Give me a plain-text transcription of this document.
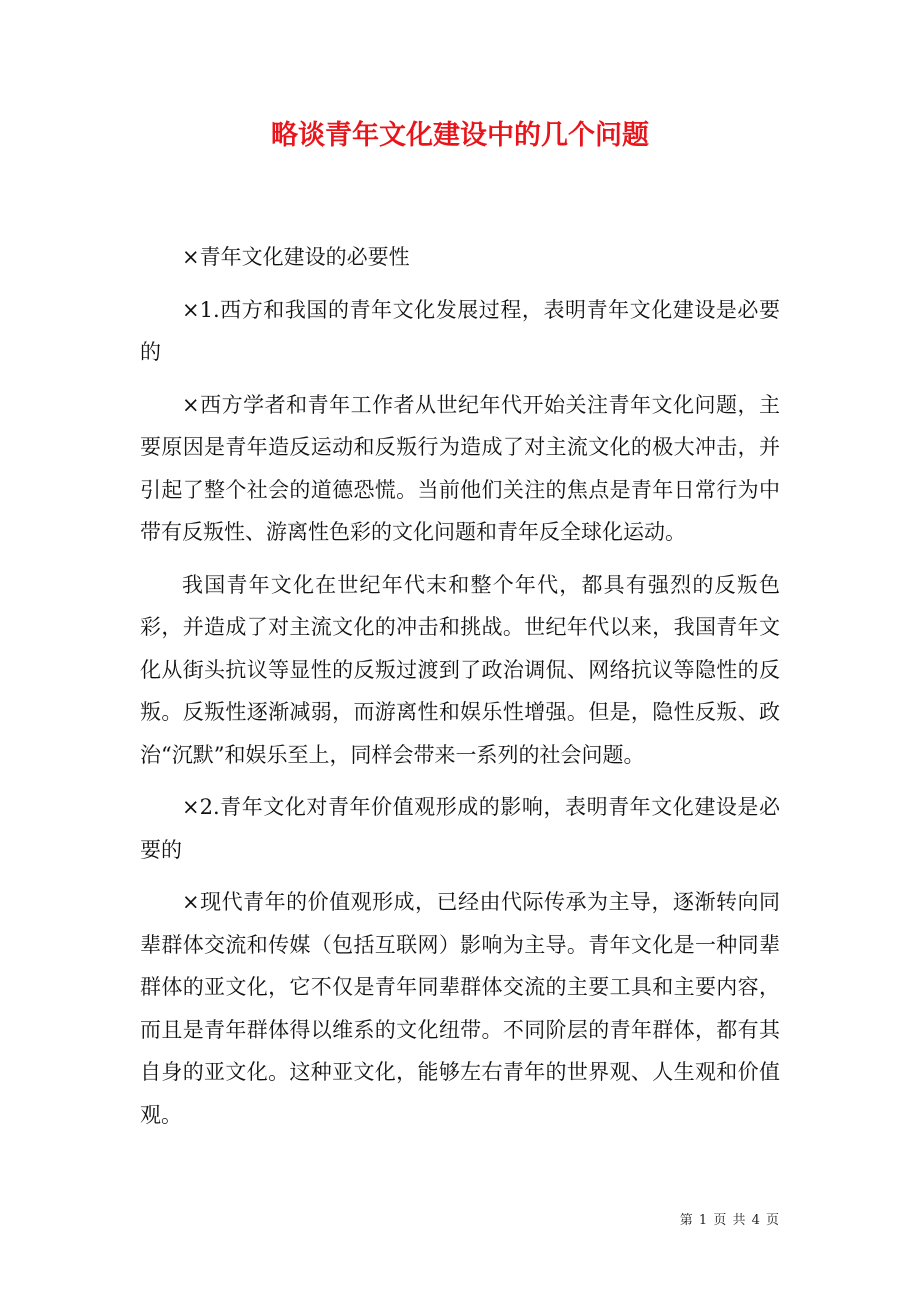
略谈青年文化建设中的几个问题

×青年文化建设的必要性

×1.西方和我国的青年文化发展过程，表明青年文化建设是必要的

×西方学者和青年工作者从世纪年代开始关注青年文化问题，主要原因是青年造反运动和反叛行为造成了对主流文化的极大冲击，并引起了整个社会的道德恐慌。当前他们关注的焦点是青年日常行为中带有反叛性、游离性色彩的文化问题和青年反全球化运动。

我国青年文化在世纪年代末和整个年代，都具有强烈的反叛色彩，并造成了对主流文化的冲击和挑战。世纪年代以来，我国青年文化从街头抗议等显性的反叛过渡到了政治调侃、网络抗议等隐性的反叛。反叛性逐渐减弱，而游离性和娱乐性增强。但是，隐性反叛、政治“沉默”和娱乐至上，同样会带来一系列的社会问题。

×2.青年文化对青年价值观形成的影响，表明青年文化建设是必要的

×现代青年的价值观形成，已经由代际传承为主导，逐渐转向同辈群体交流和传媒（包括互联网）影响为主导。青年文化是一种同辈群体的亚文化，它不仅是青年同辈群体交流的主要工具和主要内容，而且是青年群体得以维系的文化纽带。不同阶层的青年群体，都有其自身的亚文化。这种亚文化，能够左右青年的世界观、人生观和价值观。

第 1 页 共 4 页
